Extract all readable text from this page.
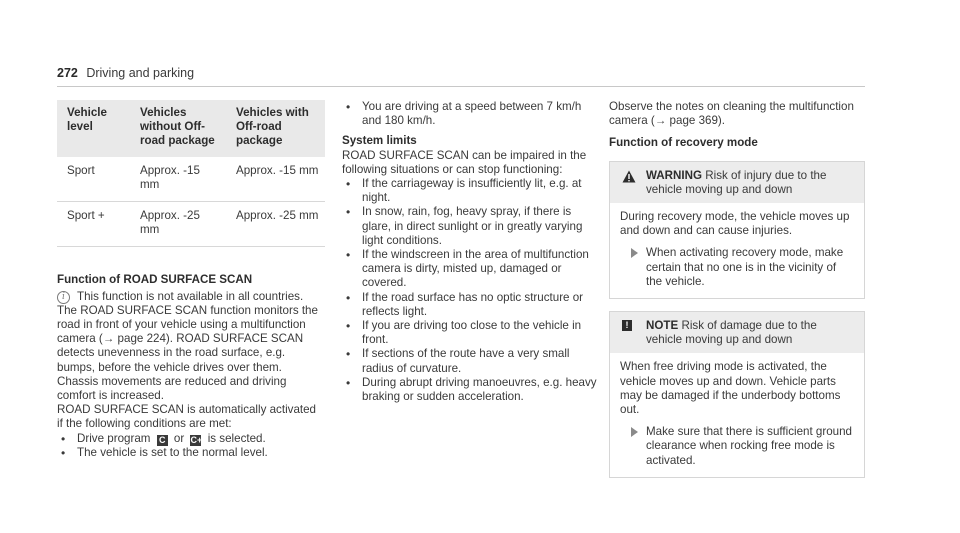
272 Driving and parking
Vehicle level	Vehicles without Off-road package	Vehicles with Off-road package
Sport	Approx. -15 mm	Approx. -15 mm
Sport +	Approx. -25 mm	Approx. -25 mm
Function of ROAD SURFACE SCAN
i	This function is not available in all countries.

The ROAD SURFACE SCAN function monitors the road in front of your vehicle using a multifunction camera (→ page 224). ROAD SURFACE SCAN detects unevenness in the road surface, e.g. bumps, before the vehicle drives over them. Chassis movements are reduced and driving comfort is increased.

ROAD SURFACE SCAN is automatically activated if the following conditions are met:

• Drive program C or C+ is selected.
• The vehicle is set to the normal level.
• You are driving at a speed between 7 km/h and 180 km/h.
System limits

ROAD SURFACE SCAN can be impaired in the following situations or can stop functioning:

• If the carriageway is insufficiently lit, e.g. at night.
• In snow, rain, fog, heavy spray, if there is glare, in direct sunlight or in greatly varying light conditions.
• If the windscreen in the area of multifunction camera is dirty, misted up, damaged or covered.
• If the road surface has no optic structure or reflects light.
• If you are driving too close to the vehicle in front.
• If sections of the route have a very small radius of curvature.
• During abrupt driving manoeuvres, e.g. heavy braking or sudden acceleration.

Observe the notes on cleaning the multifunction camera (→ page 369).

Function of recovery mode
WARNING Risk of injury due to the vehicle moving up and down

During recovery mode, the vehicle moves up and down and can cause injuries.

When activating recovery mode, make certain that no one is in the vicinity of the vehicle.
!	NOTE Risk of damage due to the vehicle moving up and down

When free driving mode is activated, the vehicle moves up and down. Vehicle parts may be damaged if the underbody bottoms out.

Make sure that there is sufficient ground clearance when rocking free mode is activated.
